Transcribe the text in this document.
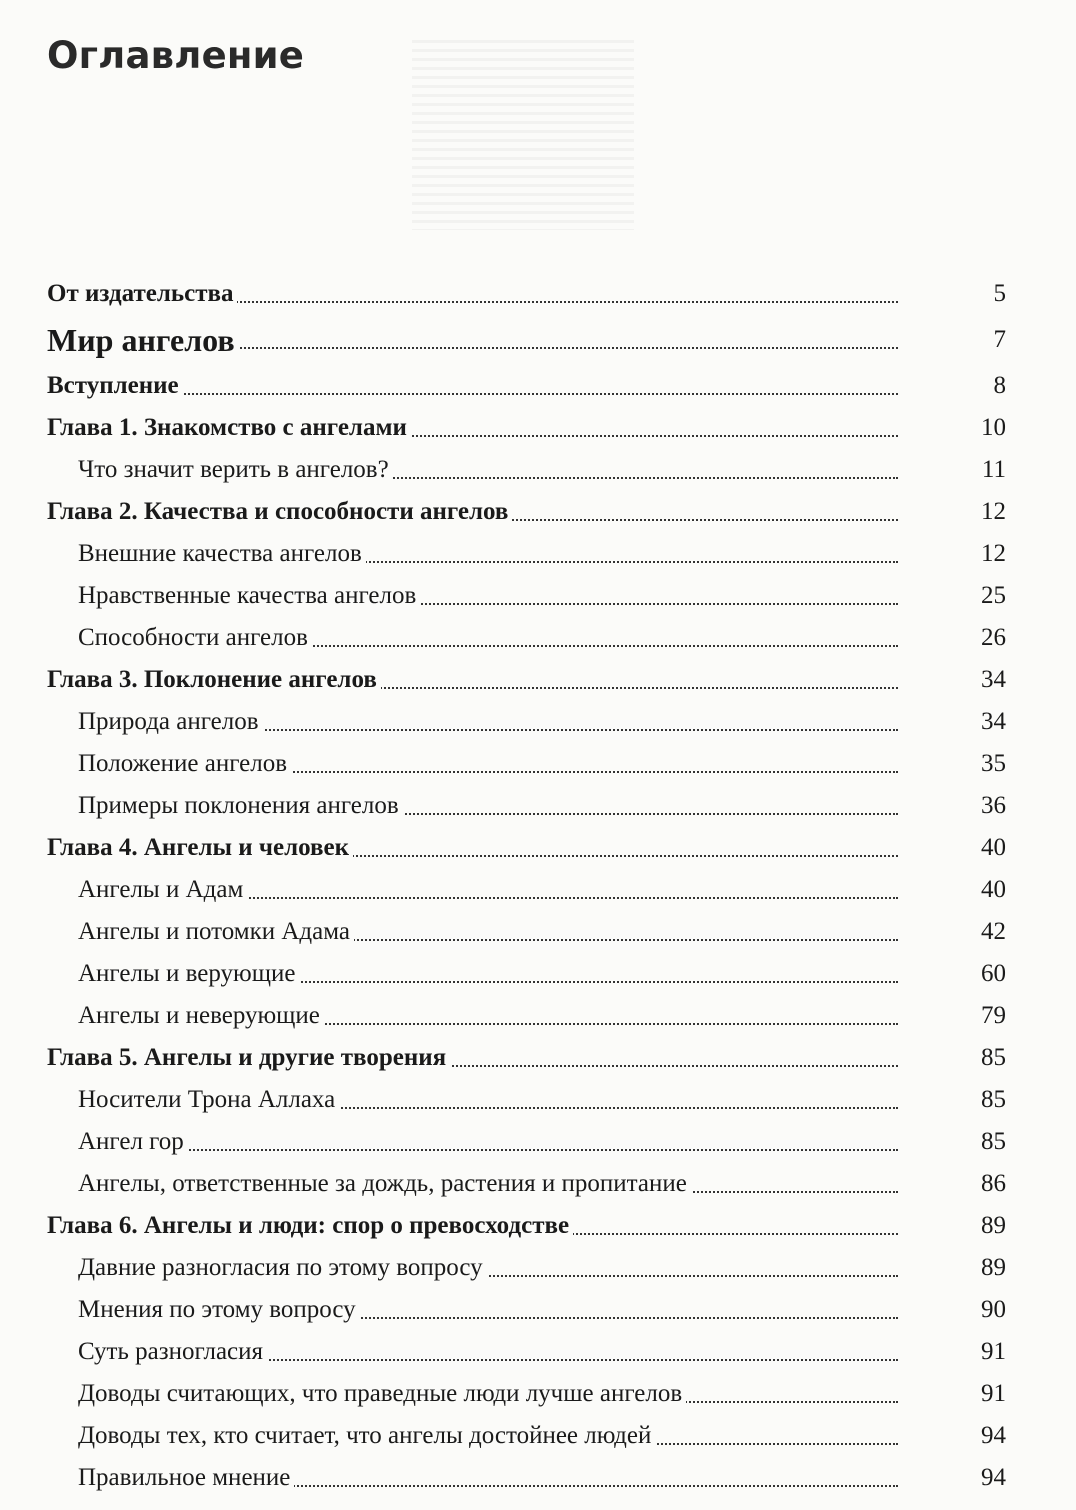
Оглавление
От издательства	5
Мир ангелов	7
Вступление	8
Глава 1. Знакомство с ангелами	10
Что значит верить в ангелов?	11
Глава 2. Качества и способности ангелов	12
Внешние качества ангелов	12
Нравственные качества ангелов	25
Способности ангелов	26
Глава 3. Поклонение ангелов	34
Природа ангелов	34
Положение ангелов	35
Примеры поклонения ангелов	36
Глава 4. Ангелы и человек	40
Ангелы и Адам	40
Ангелы и потомки Адама	42
Ангелы и верующие	60
Ангелы и неверующие	79
Глава 5. Ангелы и другие творения	85
Носители Трона Аллаха	85
Ангел гор	85
Ангелы, ответственные за дождь, растения и пропитание	86
Глава 6. Ангелы и люди: спор о превосходстве	89
Давние разногласия по этому вопросу	89
Мнения по этому вопросу	90
Суть разногласия	91
Доводы считающих, что праведные люди лучше ангелов	91
Доводы тех, кто считает, что ангелы достойнее людей	94
Правильное мнение	94
